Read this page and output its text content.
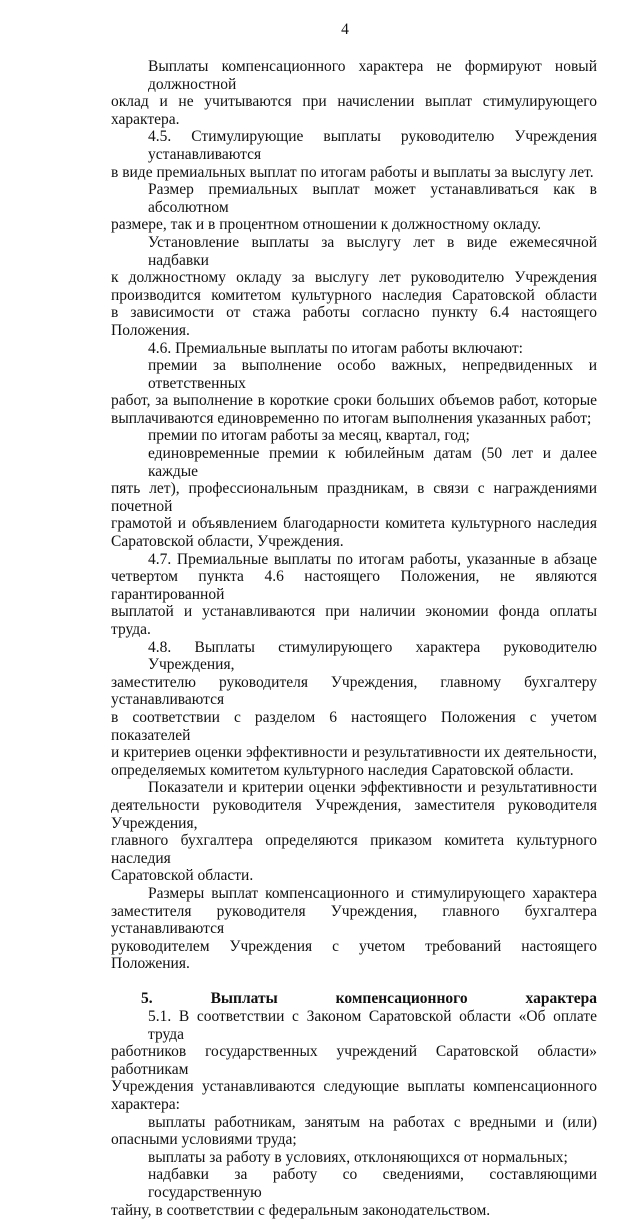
4
Выплаты компенсационного характера не формируют новый должностной
оклад и не учитываются при начислении выплат стимулирующего характера.
4.5. Стимулирующие выплаты руководителю Учреждения устанавливаются
в виде премиальных выплат по итогам работы и выплаты за выслугу лет.
Размер премиальных выплат может устанавливаться как в абсолютном
размере, так и в процентном отношении к должностному окладу.
Установление выплаты за выслугу лет в виде ежемесячной надбавки
к должностному окладу за выслугу лет руководителю Учреждения
производится комитетом культурного наследия Саратовской области
в зависимости от стажа работы согласно пункту 6.4 настоящего Положения.
4.6. Премиальные выплаты по итогам работы включают:
премии за выполнение особо важных, непредвиденных и ответственных
работ, за выполнение в короткие сроки больших объемов работ, которые
выплачиваются единовременно по итогам выполнения указанных работ;
премии по итогам работы за месяц, квартал, год;
единовременные премии к юбилейным датам (50 лет и далее каждые
пять лет), профессиональным праздникам, в связи с награждениями почетной
грамотой и объявлением благодарности комитета культурного наследия
Саратовской области, Учреждения.
4.7. Премиальные выплаты по итогам работы, указанные в абзаце
четвертом пункта 4.6 настоящего Положения, не являются гарантированной
выплатой и устанавливаются при наличии экономии фонда оплаты труда.
4.8. Выплаты стимулирующего характера руководителю Учреждения,
заместителю руководителя Учреждения, главному бухгалтеру устанавливаются
в соответствии с разделом 6 настоящего Положения с учетом показателей
и критериев оценки эффективности и результативности их деятельности,
определяемых комитетом культурного наследия Саратовской области.
Показатели и критерии оценки эффективности и результативности
деятельности руководителя Учреждения, заместителя руководителя Учреждения,
главного бухгалтера определяются приказом комитета культурного наследия
Саратовской области.
Размеры выплат компенсационного и стимулирующего характера
заместителя руководителя Учреждения, главного бухгалтера устанавливаются
руководителем Учреждения с учетом требований настоящего Положения.
5. Выплаты компенсационного характера
5.1. В соответствии с Законом Саратовской области «Об оплате труда
работников государственных учреждений Саратовской области» работникам
Учреждения устанавливаются следующие выплаты компенсационного характера:
выплаты работникам, занятым на работах с вредными и (или)
опасными условиями труда;
выплаты за работу в условиях, отклоняющихся от нормальных;
надбавки за работу со сведениями, составляющими государственную
тайну, в соответствии с федеральным законодательством.
